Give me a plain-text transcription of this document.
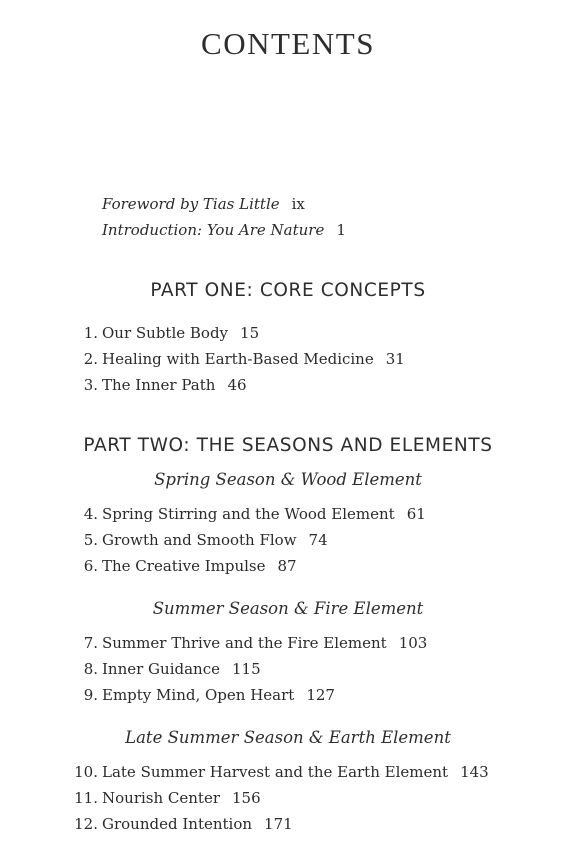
CONTENTS
Foreword by Tias Little ix
Introduction: You Are Nature 1
PART ONE: CORE CONCEPTS
1. Our Subtle Body 15
2. Healing with Earth-Based Medicine 31
3. The Inner Path 46
PART TWO: THE SEASONS AND ELEMENTS
Spring Season & Wood Element
4. Spring Stirring and the Wood Element 61
5. Growth and Smooth Flow 74
6. The Creative Impulse 87
Summer Season & Fire Element
7. Summer Thrive and the Fire Element 103
8. Inner Guidance 115
9. Empty Mind, Open Heart 127
Late Summer Season & Earth Element
10. Late Summer Harvest and the Earth Element 143
11. Nourish Center 156
12. Grounded Intention 171
